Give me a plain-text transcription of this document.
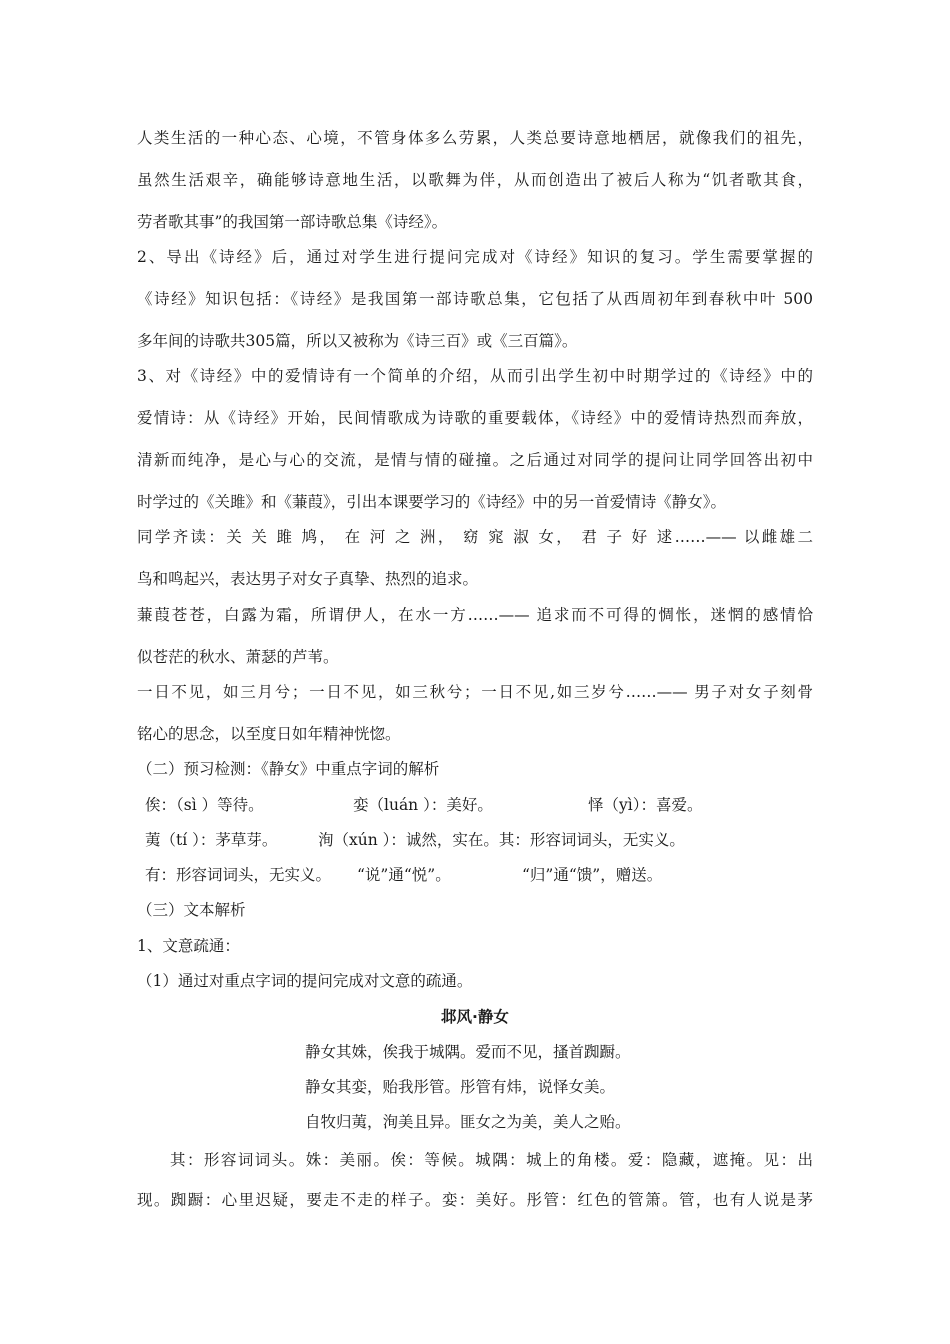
人类生活的一种心态、心境，不管身体多么劳累，人类总要诗意地栖居，就像我们的祖先，
虽然生活艰辛，确能够诗意地生活，以歌舞为伴，从而创造出了被后人称为“饥者歌其食，
劳者歌其事”的我国第一部诗歌总集《诗经》。
2、导出《诗经》后，通过对学生进行提问完成对《诗经》知识的复习。学生需要掌握的
《诗经》知识包括：《诗经》是我国第一部诗歌总集，它包括了从西周初年到春秋中叶 500
多年间的诗歌共305篇，所以又被称为《诗三百》或《三百篇》。
3、对《诗经》中的爱情诗有一个简单的介绍，从而引出学生初中时期学过的《诗经》中的
爱情诗：从《诗经》开始，民间情歌成为诗歌的重要载体，《诗经》中的爱情诗热烈而奔放，
清新而纯净，是心与心的交流，是情与情的碰撞。之后通过对同学的提问让同学回答出初中
时学过的《关雎》和《蒹葭》，引出本课要学习的《诗经》中的另一首爱情诗《静女》。
同学齐读：关 关 雎 鸠， 在 河 之 洲， 窈 窕 淑 女， 君 子 好 逑……—— 以雌雄二
鸟和鸣起兴，表达男子对女子真挚、热烈的追求。
蒹葭苍苍，白露为霜，所谓伊人，在水一方……—— 追求而不可得的惆怅，迷惘的感情恰
似苍茫的秋水、萧瑟的芦苇。
一日不见，如三月兮；一日不见，如三秋兮；一日不见,如三岁兮……—— 男子对女子刻骨
铭心的思念，以至度日如年精神恍惚。
（二）预习检测：《静女》中重点字词的解析
俟：（sì ）等待。	娈（luán ）：美好。	怿（yì）：喜爱。
荑（tí ）：茅草芽。	洵（xún ）：诚然，实在。其：形容词词头，无实义。
有：形容词词头，无实义。 “说”通“悦”。	“归”通“馈”，赠送。
（三）文本解析
1、文意疏通：
（1）通过对重点字词的提问完成对文意的疏通。
邶风·静女
静女其姝，俟我于城隅。爱而不见，搔首踟蹰。
静女其娈，贻我彤管。彤管有炜，说怿女美。
自牧归荑，洵美且异。匪女之为美，美人之贻。
其：形容词词头。姝：美丽。俟：等候。城隅：城上的角楼。爱：隐藏，遮掩。见：出
现。踟蹰：心里迟疑，要走不走的样子。娈：美好。彤管：红色的管箫。管，也有人说是茅
